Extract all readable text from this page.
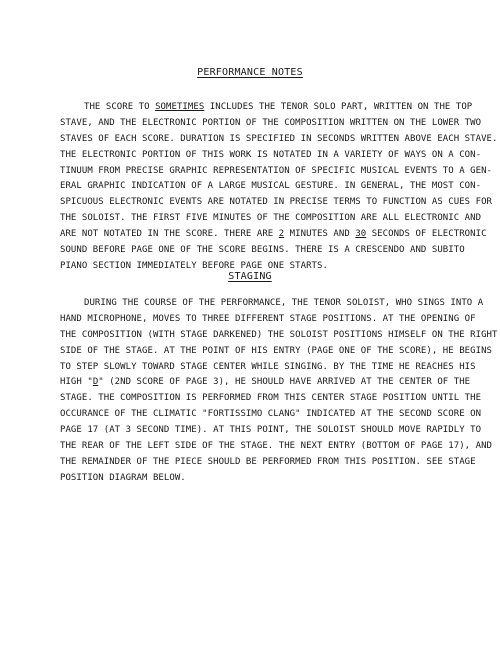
PERFORMANCE NOTES
THE SCORE TO SOMETIMES INCLUDES THE TENOR SOLO PART, WRITTEN ON THE TOP
STAVE, AND THE ELECTRONIC PORTION OF THE COMPOSITION WRITTEN ON THE LOWER TWO
STAVES OF EACH SCORE. DURATION IS SPECIFIED IN SECONDS WRITTEN ABOVE EACH STAVE.
THE ELECTRONIC PORTION OF THIS WORK IS NOTATED IN A VARIETY OF WAYS ON A CON-
TINUUM FROM PRECISE GRAPHIC REPRESENTATION OF SPECIFIC MUSICAL EVENTS TO A GEN-
ERAL GRAPHIC INDICATION OF A LARGE MUSICAL GESTURE. IN GENERAL, THE MOST CON-
SPICUOUS ELECTRONIC EVENTS ARE NOTATED IN PRECISE TERMS TO FUNCTION AS CUES FOR
THE SOLOIST. THE FIRST FIVE MINUTES OF THE COMPOSITION ARE ALL ELECTRONIC AND
ARE NOT NOTATED IN THE SCORE. THERE ARE 2 MINUTES AND 30 SECONDS OF ELECTRONIC
SOUND BEFORE PAGE ONE OF THE SCORE BEGINS. THERE IS A CRESCENDO AND SUBITO
PIANO SECTION IMMEDIATELY BEFORE PAGE ONE STARTS.
STAGING
DURING THE COURSE OF THE PERFORMANCE, THE TENOR SOLOIST, WHO SINGS INTO A
HAND MICROPHONE, MOVES TO THREE DIFFERENT STAGE POSITIONS. AT THE OPENING OF
THE COMPOSITION (WITH STAGE DARKENED) THE SOLOIST POSITIONS HIMSELF ON THE RIGHT
SIDE OF THE STAGE. AT THE POINT OF HIS ENTRY (PAGE ONE OF THE SCORE), HE BEGINS
TO STEP SLOWLY TOWARD STAGE CENTER WHILE SINGING. BY THE TIME HE REACHES HIS
HIGH "D" (2ND SCORE OF PAGE 3), HE SHOULD HAVE ARRIVED AT THE CENTER OF THE
STAGE. THE COMPOSITION IS PERFORMED FROM THIS CENTER STAGE POSITION UNTIL THE
OCCURANCE OF THE CLIMATIC "FORTISSIMO CLANG" INDICATED AT THE SECOND SCORE ON
PAGE 17 (AT 3 SECOND TIME). AT THIS POINT, THE SOLOIST SHOULD MOVE RAPIDLY TO
THE REAR OF THE LEFT SIDE OF THE STAGE. THE NEXT ENTRY (BOTTOM OF PAGE 17), AND
THE REMAINDER OF THE PIECE SHOULD BE PERFORMED FROM THIS POSITION. SEE STAGE
POSITION DIAGRAM BELOW.
